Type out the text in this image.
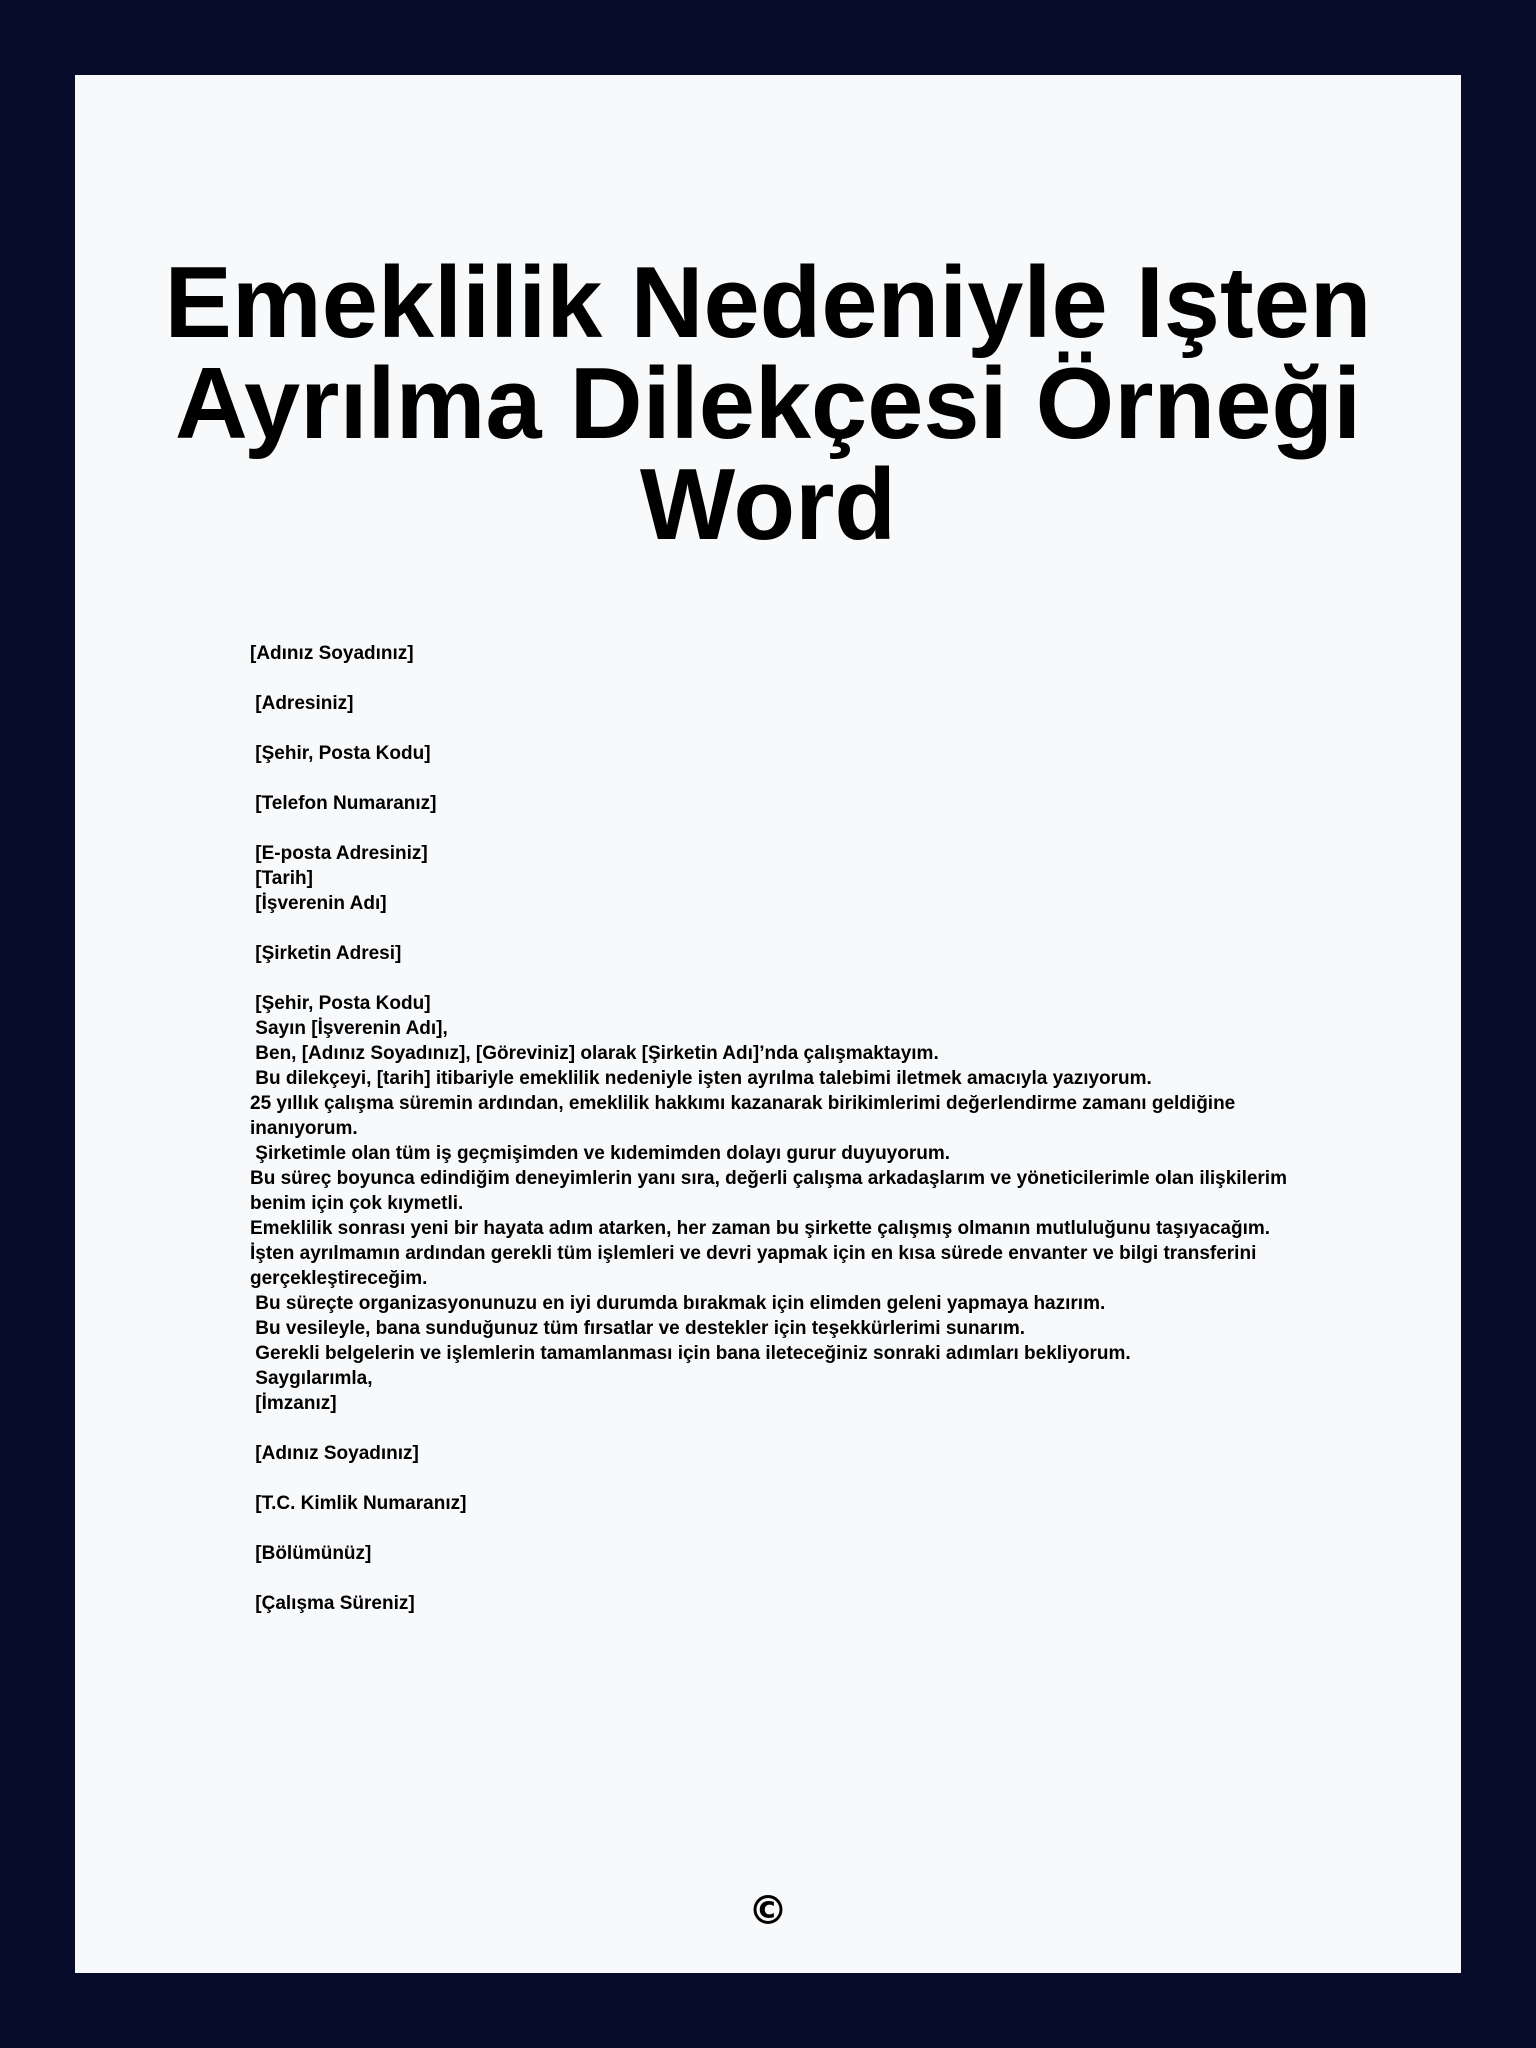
Emeklilik Nedeniyle Işten
Ayrılma Dilekçesi Örneği
Word
[Adınız Soyadınız]
[Adresiniz]
[Şehir, Posta Kodu]
[Telefon Numaranız]
[E-posta Adresiniz]
[Tarih]
[İşverenin Adı]
[Şirketin Adresi]
[Şehir, Posta Kodu]
Sayın [İşverenin Adı],
Ben, [Adınız Soyadınız], [Göreviniz] olarak [Şirketin Adı]’nda çalışmaktayım.
Bu dilekçeyi, [tarih] itibariyle emeklilik nedeniyle işten ayrılma talebimi iletmek amacıyla yazıyorum.
25 yıllık çalışma süremin ardından, emeklilik hakkımı kazanarak birikimlerimi değerlendirme zamanı geldiğine inanıyorum.
Şirketimle olan tüm iş geçmişimden ve kıdemimden dolayı gurur duyuyorum.
Bu süreç boyunca edindiğim deneyimlerin yanı sıra, değerli çalışma arkadaşlarım ve yöneticilerimle olan ilişkilerim benim için çok kıymetli.
Emeklilik sonrası yeni bir hayata adım atarken, her zaman bu şirkette çalışmış olmanın mutluluğunu taşıyacağım.
İşten ayrılmamın ardından gerekli tüm işlemleri ve devri yapmak için en kısa sürede envanter ve bilgi transferini gerçekleştireceğim.
Bu süreçte organizasyonunuzu en iyi durumda bırakmak için elimden geleni yapmaya hazırım.
Bu vesileyle, bana sunduğunuz tüm fırsatlar ve destekler için teşekkürlerimi sunarım.
Gerekli belgelerin ve işlemlerin tamamlanması için bana ileteceğiniz sonraki adımları bekliyorum.
Saygılarımla,
[İmzanız]
[Adınız Soyadınız]
[T.C. Kimlik Numaranız]
[Bölümünüz]
[Çalışma Süreniz]
©
